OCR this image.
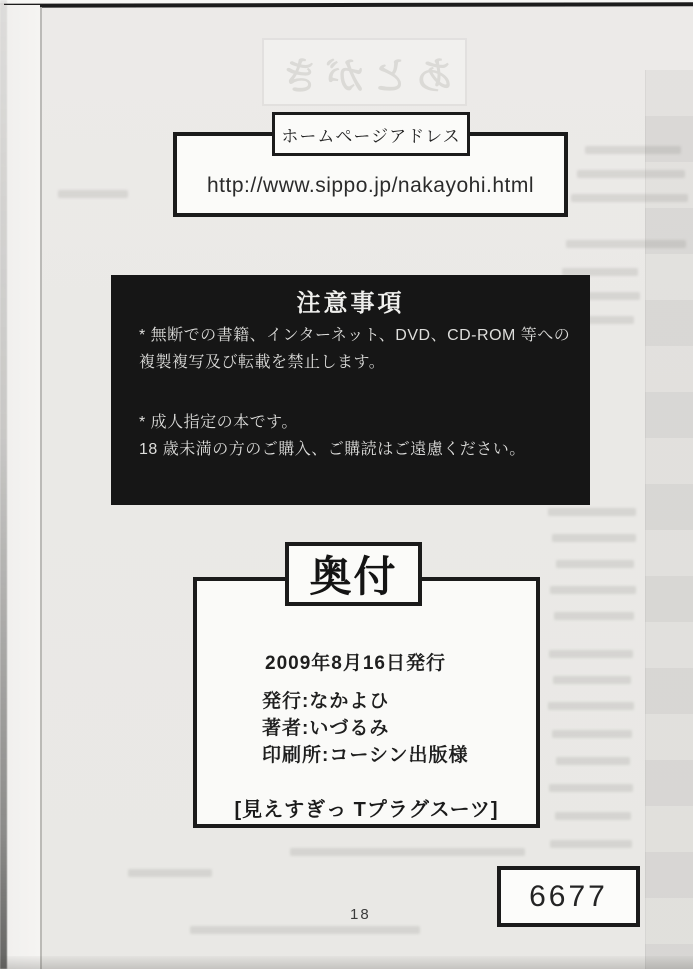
あとがき
http://www.sippo.jp/nakayohi.html
ホームページアドレス
注意事項
* 無断での書籍、インターネット、DVD、CD-ROM 等への
複製複写及び転載を禁止します。
* 成人指定の本です。
18 歳未満の方のご購入、ご購読はご遠慮ください。
奥付
2009年8月16日発行
発行:なかよひ
著者:いづるみ
印刷所:コーシン出版様
[見えすぎっ Tプラグスーツ]
18
6677
